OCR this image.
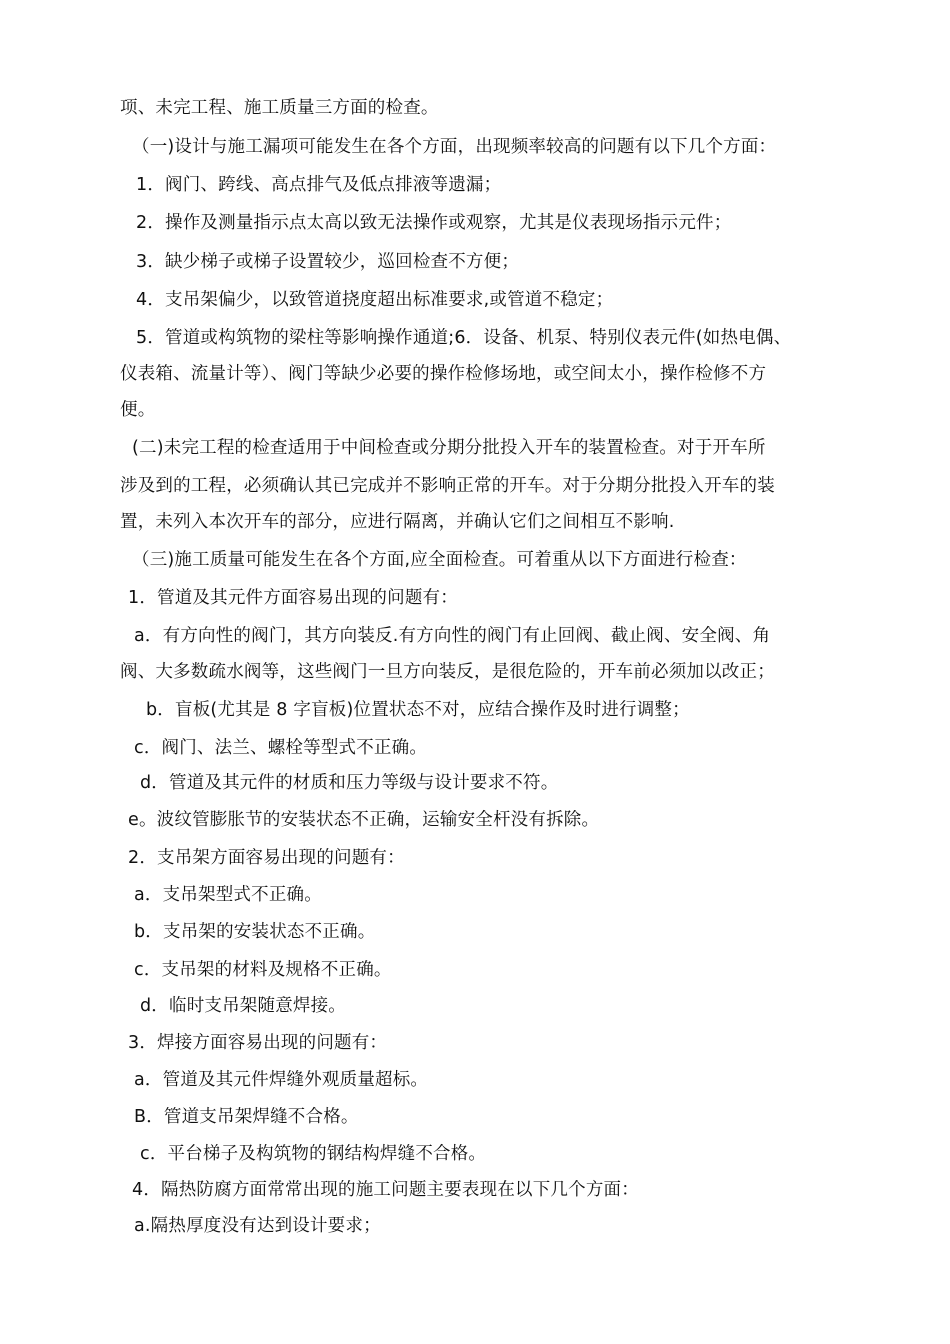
项、未完工程、施工质量三方面的检查。
（一)设计与施工漏项可能发生在各个方面，出现频率较高的问题有以下几个方面：
1．阀门、跨线、高点排气及低点排液等遗漏；
2．操作及测量指示点太高以致无法操作或观察，尤其是仪表现场指示元件；
3．缺少梯子或梯子设置较少，巡回检查不方便；
4．支吊架偏少，以致管道挠度超出标准要求,或管道不稳定；
5．管道或构筑物的梁柱等影响操作通道;6．设备、机泵、特别仪表元件(如热电偶、
仪表箱、流量计等）、阀门等缺少必要的操作检修场地，或空间太小，操作检修不方
便。
(二)未完工程的检查适用于中间检查或分期分批投入开车的装置检查。对于开车所
涉及到的工程，必须确认其已完成并不影响正常的开车。对于分期分批投入开车的装
置，未列入本次开车的部分，应进行隔离，并确认它们之间相互不影响.
（三)施工质量可能发生在各个方面,应全面检查。可着重从以下方面进行检查：
1．管道及其元件方面容易出现的问题有：
a．有方向性的阀门，其方向装反.有方向性的阀门有止回阀、截止阀、安全阀、角
阀、大多数疏水阀等，这些阀门一旦方向装反，是很危险的，开车前必须加以改正；
b．盲板(尤其是 8 字盲板)位置状态不对，应结合操作及时进行调整；
c．阀门、法兰、螺栓等型式不正确。
d．管道及其元件的材质和压力等级与设计要求不符。
e。波纹管膨胀节的安装状态不正确，运输安全杆没有拆除。
2．支吊架方面容易出现的问题有：
a．支吊架型式不正确。
b．支吊架的安装状态不正确。
c．支吊架的材料及规格不正确。
d．临时支吊架随意焊接。
3．焊接方面容易出现的问题有：
a．管道及其元件焊缝外观质量超标。
B．管道支吊架焊缝不合格。
c．平台梯子及构筑物的钢结构焊缝不合格。
4．隔热防腐方面常常出现的施工问题主要表现在以下几个方面：
a.隔热厚度没有达到设计要求；
